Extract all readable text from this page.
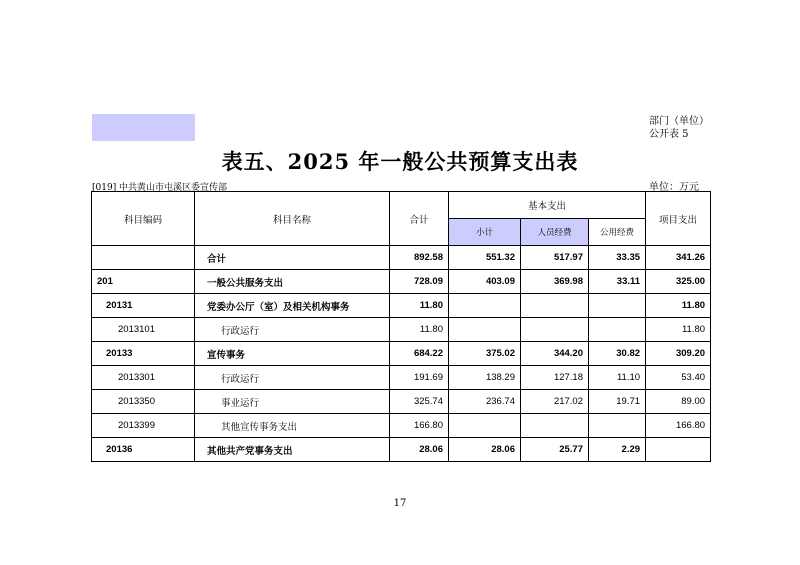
部门（单位）
公开表 5
表五、2025 年一般公共预算支出表
[019] 中共黄山市屯溪区委宣传部	单位：万元
科目编码	科目名称	合计	基本支出			项目支出
			小计	人员经费	公用经费	
	合计	892.58	551.32	517.97	33.35	341.26
201	一般公共服务支出	728.09	403.09	369.98	33.11	325.00
20131	党委办公厅（室）及相关机构事务	11.80				11.80
2013101	行政运行	11.80				11.80
20133	宣传事务	684.22	375.02	344.20	30.82	309.20
2013301	行政运行	191.69	138.29	127.18	11.10	53.40
2013350	事业运行	325.74	236.74	217.02	19.71	89.00
2013399	其他宣传事务支出	166.80				166.80
20136	其他共产党事务支出	28.06	28.06	25.77	2.29	
17
